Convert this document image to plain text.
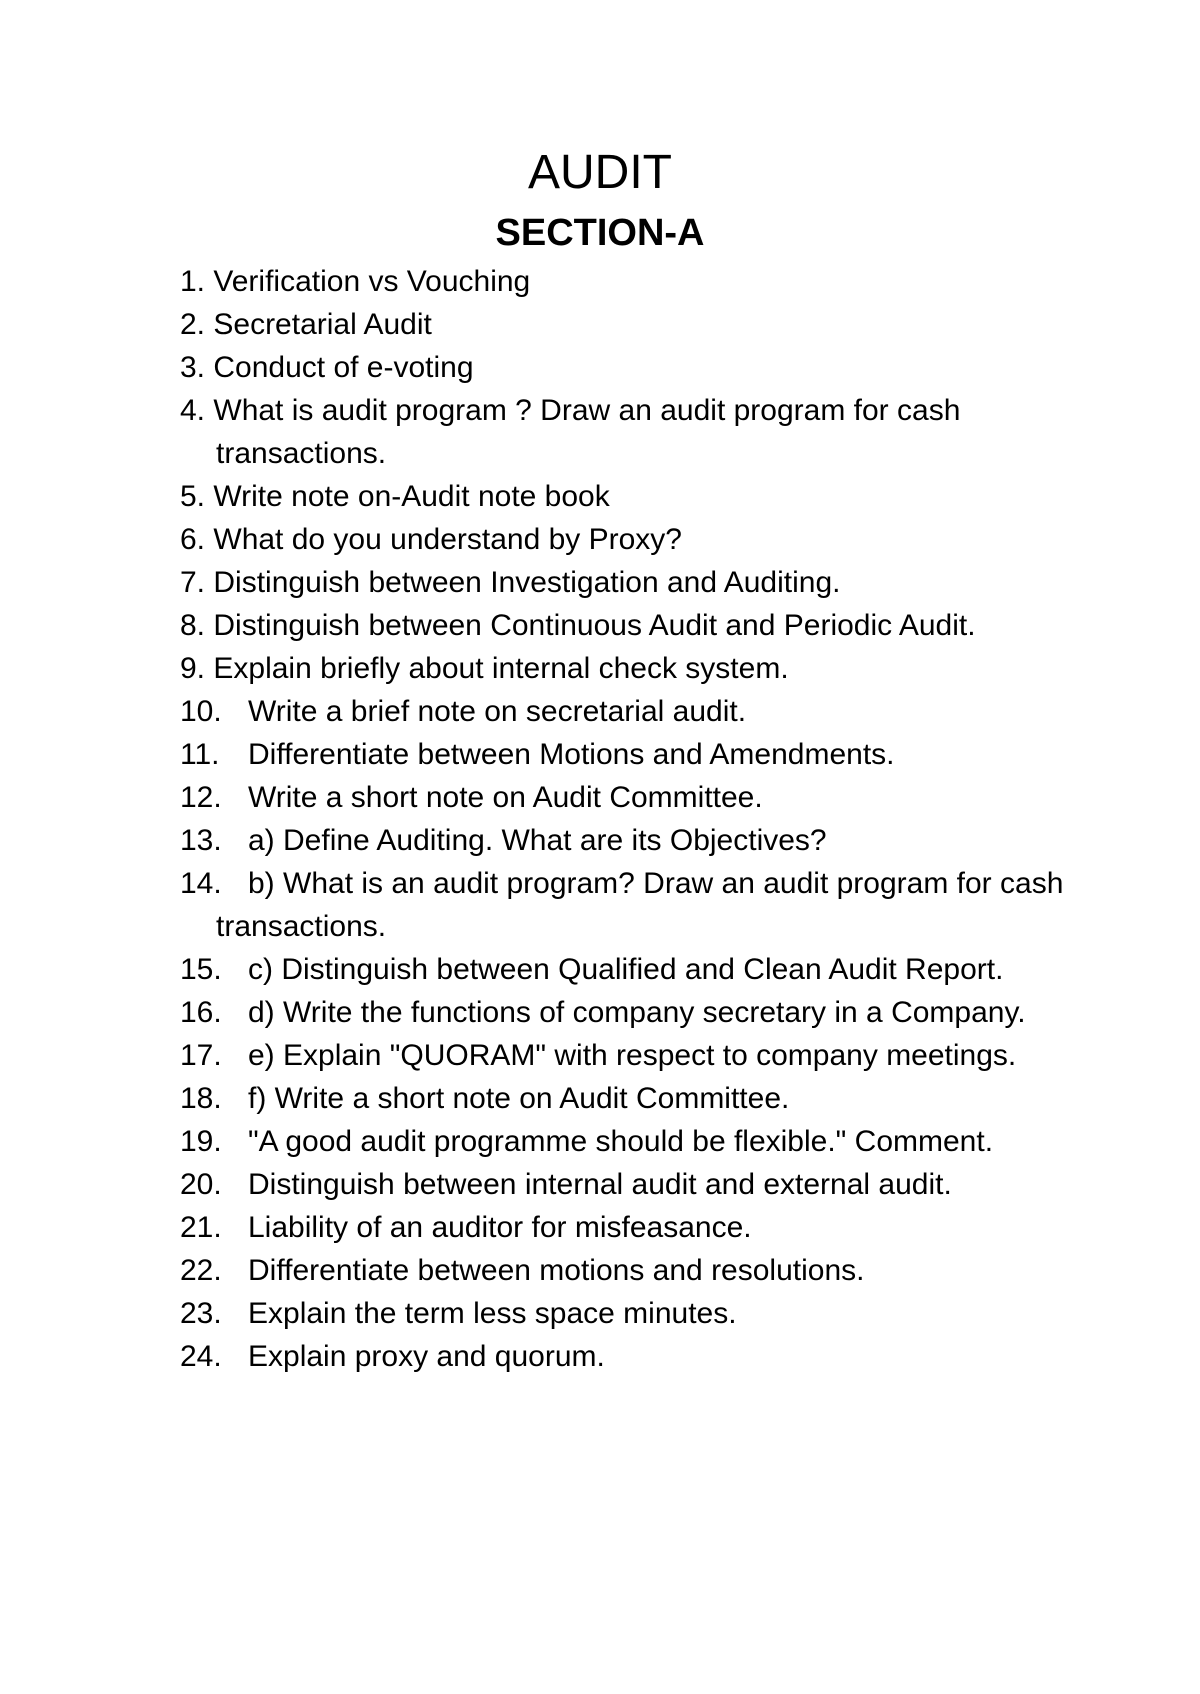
AUDIT
SECTION-A
1. Verification vs Vouching
2. Secretarial Audit
3. Conduct of e-voting
4. What is audit program ? Draw an audit program for cash transactions.
5. Write note on-Audit note book
6. What do you understand by Proxy?
7. Distinguish between Investigation and Auditing.
8. Distinguish between Continuous Audit and Periodic Audit.
9. Explain briefly about internal check system.
10. Write a brief note on secretarial audit.
11. Differentiate between Motions and Amendments.
12. Write a short note on Audit Committee.
13. a) Define Auditing. What are its Objectives?
14. b) What is an audit program? Draw an audit program for cash transactions.
15. c) Distinguish between Qualified and Clean Audit Report.
16. d) Write the functions of company secretary in a Company.
17. e) Explain "QUORAM" with respect to company meetings.
18. f) Write a short note on Audit Committee.
19. "A good audit programme should be flexible." Comment.
20. Distinguish between internal audit and external audit.
21. Liability of an auditor for misfeasance.
22. Differentiate between motions and resolutions.
23. Explain the term less space minutes.
24. Explain proxy and quorum.
